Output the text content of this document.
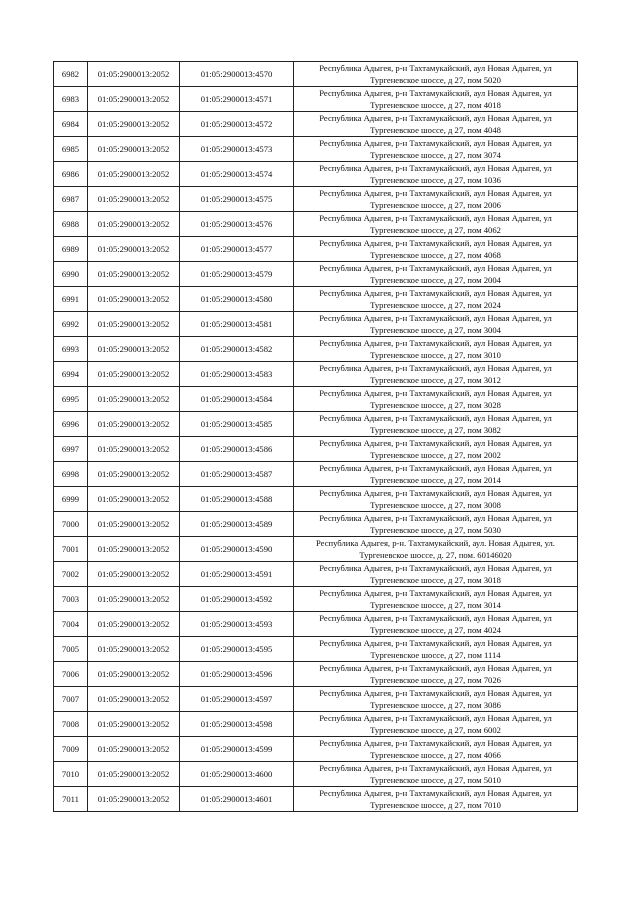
6982	01:05:2900013:2052	01:05:2900013:4570	Республика Адыгея, р-н Тахтамукайский, аул Новая Адыгея, ул
Тургеневское шоссе, д 27, пом 5020

6983	01:05:2900013:2052	01:05:2900013:4571	Республика Адыгея, р-н Тахтамукайский, аул Новая Адыгея, ул
Тургеневское шоссе, д 27, пом 4018

6984	01:05:2900013:2052	01:05:2900013:4572	Республика Адыгея, р-н Тахтамукайский, аул Новая Адыгея, ул
Тургеневское шоссе, д 27, пом 4048

6985	01:05:2900013:2052	01:05:2900013:4573	Республика Адыгея, р-н Тахтамукайский, аул Новая Адыгея, ул
Тургеневское шоссе, д 27, пом 3074

6986	01:05:2900013:2052	01:05:2900013:4574	Республика Адыгея, р-н Тахтамукайский, аул Новая Адыгея, ул
Тургеневское шоссе, д 27, пом 1036

6987	01:05:2900013:2052	01:05:2900013:4575	Республика Адыгея, р-н Тахтамукайский, аул Новая Адыгея, ул
Тургеневское шоссе, д 27, пом 2006

6988	01:05:2900013:2052	01:05:2900013:4576	Республика Адыгея, р-н Тахтамукайский, аул Новая Адыгея, ул
Тургеневское шоссе, д 27, пом 4062

6989	01:05:2900013:2052	01:05:2900013:4577	Республика Адыгея, р-н Тахтамукайский, аул Новая Адыгея, ул
Тургеневское шоссе, д 27, пом 4068

6990	01:05:2900013:2052	01:05:2900013:4579	Республика Адыгея, р-н Тахтамукайский, аул Новая Адыгея, ул
Тургеневское шоссе, д 27, пом 2004

6991	01:05:2900013:2052	01:05:2900013:4580	Республика Адыгея, р-н Тахтамукайский, аул Новая Адыгея, ул
Тургеневское шоссе, д 27, пом 2024

6992	01:05:2900013:2052	01:05:2900013:4581	Республика Адыгея, р-н Тахтамукайский, аул Новая Адыгея, ул
Тургеневское шоссе, д 27, пом 3004

6993	01:05:2900013:2052	01:05:2900013:4582	Республика Адыгея, р-н Тахтамукайский, аул Новая Адыгея, ул
Тургеневское шоссе, д 27, пом 3010

6994	01:05:2900013:2052	01:05:2900013:4583	Республика Адыгея, р-н Тахтамукайский, аул Новая Адыгея, ул
Тургеневское шоссе, д 27, пом 3012

6995	01:05:2900013:2052	01:05:2900013:4584	Республика Адыгея, р-н Тахтамукайский, аул Новая Адыгея, ул
Тургеневское шоссе, д 27, пом 3028

6996	01:05:2900013:2052	01:05:2900013:4585	Республика Адыгея, р-н Тахтамукайский, аул Новая Адыгея, ул
Тургеневское шоссе, д 27, пом 3082

6997	01:05:2900013:2052	01:05:2900013:4586	Республика Адыгея, р-н Тахтамукайский, аул Новая Адыгея, ул
Тургеневское шоссе, д 27, пом 2002

6998	01:05:2900013:2052	01:05:2900013:4587	Республика Адыгея, р-н Тахтамукайский, аул Новая Адыгея, ул
Тургеневское шоссе, д 27, пом 2014

6999	01:05:2900013:2052	01:05:2900013:4588	Республика Адыгея, р-н Тахтамукайский, аул Новая Адыгея, ул
Тургеневское шоссе, д 27, пом 3008

7000	01:05:2900013:2052	01:05:2900013:4589	Республика Адыгея, р-н Тахтамукайский, аул Новая Адыгея, ул
Тургеневское шоссе, д 27, пом 5030

7001	01:05:2900013:2052	01:05:2900013:4590	Республика Адыгея, р-н. Тахтамукайский, аул. Новая Адыгея, ул.
Тургеневское шоссе, д. 27, пом. 60146020

7002	01:05:2900013:2052	01:05:2900013:4591	Республика Адыгея, р-н Тахтамукайский, аул Новая Адыгея, ул
Тургеневское шоссе, д 27, пом 3018

7003	01:05:2900013:2052	01:05:2900013:4592	Республика Адыгея, р-н Тахтамукайский, аул Новая Адыгея, ул
Тургеневское шоссе, д 27, пом 3014

7004	01:05:2900013:2052	01:05:2900013:4593	Республика Адыгея, р-н Тахтамукайский, аул Новая Адыгея, ул
Тургеневское шоссе, д 27, пом 4024

7005	01:05:2900013:2052	01:05:2900013:4595	Республика Адыгея, р-н Тахтамукайский, аул Новая Адыгея, ул
Тургеневское шоссе, д 27, пом 1114

7006	01:05:2900013:2052	01:05:2900013:4596	Республика Адыгея, р-н Тахтамукайский, аул Новая Адыгея, ул
Тургеневское шоссе, д 27, пом 7026

7007	01:05:2900013:2052	01:05:2900013:4597	Республика Адыгея, р-н Тахтамукайский, аул Новая Адыгея, ул
Тургеневское шоссе, д 27, пом 3086

7008	01:05:2900013:2052	01:05:2900013:4598	Республика Адыгея, р-н Тахтамукайский, аул Новая Адыгея, ул
Тургеневское шоссе, д 27, пом 6002

7009	01:05:2900013:2052	01:05:2900013:4599	Республика Адыгея, р-н Тахтамукайский, аул Новая Адыгея, ул
Тургеневское шоссе, д 27, пом 4066

7010	01:05:2900013:2052	01:05:2900013:4600	Республика Адыгея, р-н Тахтамукайский, аул Новая Адыгея, ул
Тургеневское шоссе, д 27, пом 5010

7011	01:05:2900013:2052	01:05:2900013:4601	Республика Адыгея, р-н Тахтамукайский, аул Новая Адыгея, ул
Тургеневское шоссе, д 27, пом 7010
